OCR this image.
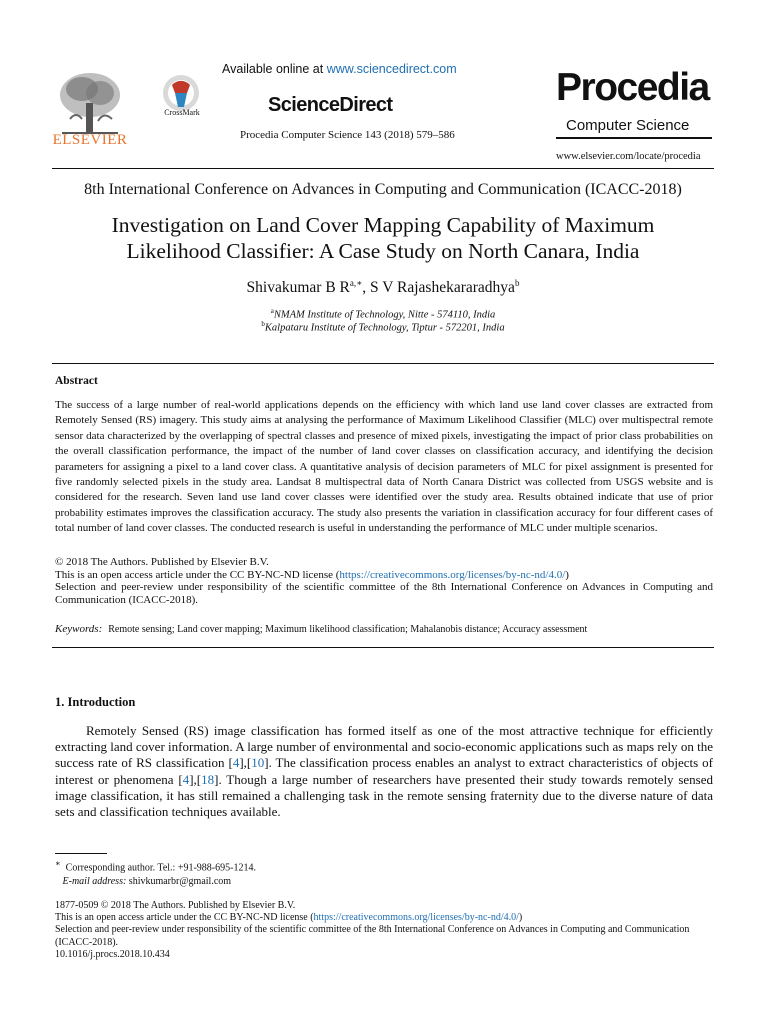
ELSEVIER
CrossMark
Available online at www.sciencedirect.com
ScienceDirect
Procedia Computer Science 143 (2018) 579–586
Procedia
Computer Science
www.elsevier.com/locate/procedia
8th International Conference on Advances in Computing and Communication (ICACC-2018)
Investigation on Land Cover Mapping Capability of Maximum
Likelihood Classifier: A Case Study on North Canara, India
Shivakumar B $R^{a,∗}$, S V Rajashekararadhya$^b$
$^a$NMAM Institute of Technology, Nitte - 574110, India
$^b$Kalpataru Institute of Technology, Tiptur - 572201, India
Abstract
The success of a large number of real-world applications depends on the efficiency with which land use land cover classes are extracted from Remotely Sensed (RS) imagery. This study aims at analysing the performance of Maximum Likelihood Classifier (MLC) over multispectral remote sensor data characterized by the overlapping of spectral classes and presence of mixed pixels, investigating the impact of prior class probabilities on the overall classification performance, the impact of the number of land cover classes on classification accuracy, and identifying the decision parameters for assigning a pixel to a land cover class. A quantitative analysis of decision parameters of MLC for pixel assignment is presented for five randomly selected pixels in the study area. Landsat 8 multispectral data of North Canara District was collected from USGS website and is considered for the research. Seven land use land cover classes were identified over the study area. Results obtained indicate that use of prior probability estimates improves the classification accuracy. The study also presents the variation in classification accuracy for four different cases of total number of land cover classes. The conducted research is useful in understanding the performance of MLC under multiple scenarios.
© 2018 The Authors. Published by Elsevier B.V.
This is an open access article under the CC BY-NC-ND license (https://creativecommons.org/licenses/by-nc-nd/4.0/)
Selection and peer-review under responsibility of the scientific committee of the 8th International Conference on Advances in Computing and Communication (ICACC-2018).
Keywords: Remote sensing; Land cover mapping; Maximum likelihood classification; Mahalanobis distance; Accuracy assessment
1. Introduction
Remotely Sensed (RS) image classification has formed itself as one of the most attractive technique for efficiently extracting land cover information. A large number of environmental and socio-economic applications such as maps rely on the success rate of RS classification [4],[10]. The classification process enables an analyst to extract characteristics of objects of interest or phenomena [4],[18]. Though a large number of researchers have presented their study towards remotely sensed image classification, it has still remained a challenging task in the remote sensing fraternity due to the diverse nature of data sets and classification techniques available.
∗ Corresponding author. Tel.: +91-988-695-1214.
E-mail address: shivkumarbr@gmail.com
1877-0509 © 2018 The Authors. Published by Elsevier B.V.
This is an open access article under the CC BY-NC-ND license (https://creativecommons.org/licenses/by-nc-nd/4.0/)
Selection and peer-review under responsibility of the scientific committee of the 8th International Conference on Advances in Computing and Communication (ICACC-2018).
10.1016/j.procs.2018.10.434
